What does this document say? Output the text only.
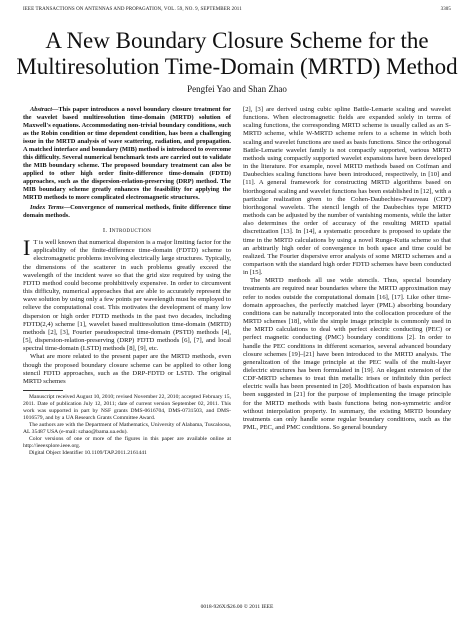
IEEE TRANSACTIONS ON ANTENNAS AND PROPAGATION, VOL. 59, NO. 9, SEPTEMBER 2011	3305
A New Boundary Closure Scheme for the Multiresolution Time-Domain (MRTD) Method
Pengfei Yao and Shan Zhao

Abstract—This paper introduces a novel boundary closure treatment for the wavelet based multiresolution time-domain (MRTD) solution of Maxwell's equations. Accommodating non-trivial boundary conditions, such as the Robin condition or time dependent condition, has been a challenging issue in the MRTD analysis of wave scattering, radiation, and propagation. A matched interface and boundary (MIB) method is introduced to overcome this difficulty. Several numerical benchmark tests are carried out to validate the MIB boundary scheme. The proposed boundary treatment can also be applied to other high order finite-difference time-domain (FDTD) approaches, such as the dispersion-relation-preserving (DRP) method. The MIB boundary scheme greatly enhances the feasibility for applying the MRTD methods to more complicated electromagnetic structures.

Index Terms—Convergence of numerical methods, finite difference time domain methods.

I. Introduction

I T is well known that numerical dispersion is a major limiting factor for the applicability of the finite-difference time-domain (FDTD) scheme to electromagnetic problems involving electrically large structures. Typically, the dimensions of the scatterer in such problems greatly exceed the wavelength of the incident wave so that the grid size required by using the FDTD method could become prohibitively expensive. In order to circumvent this difficulty, numerical approaches that are able to accurately represent the wave solution by using only a few points per wavelength must be employed to relieve the computational cost. This motivates the development of many low dispersion or high order FDTD methods in the past two decades, including FDTD(2,4) scheme [1], wavelet based multiresolution time-domain (MRTD) methods [2], [3], Fourier pseudospectral time-domain (PSTD) methods [4], [5], dispersion-relation-preserving (DRP) FDTD methods [6], [7], and local spectral time-domain (LSTD) methods [8], [9], etc.

What are more related to the present paper are the MRTD methods, even though the proposed boundary closure scheme can be applied to other long stencil FDTD approaches, such as the DRP-FDTD or LSTD. The original MRTD schemes

Manuscript received August 10, 2010; revised November 22, 2010; accepted February 15, 2011. Date of publication July 12, 2011; date of current version September 02, 2011. This work was supported in part by NSF grants DMS-0616704, DMS-0731503, and DMS-1016579, and by a UA Research Grants Committee Award.

The authors are with the Department of Mathematics, University of Alabama, Tuscaloosa, AL 35487 USA (e-mail: szhao@bama.ua.edu).

Color versions of one or more of the figures in this paper are available online at http://ieeexplore.ieee.org.

Digital Object Identifier 10.1109/TAP.2011.2161441

[2], [3] are derived using cubic spline Battle-Lemarie scaling and wavelet functions. When electromagnetic fields are expanded solely in terms of scaling functions, the corresponding MRTD scheme is usually called as an S-MRTD scheme, while W-MRTD scheme refers to a scheme in which both scaling and wavelet functions are used as basis functions. Since the orthogonal Battle-Lemarie wavelet family is not compactly supported, various MRTD methods using compactly supported wavelet expansions have been developed in the literature. For example, novel MRTD methods based on Coifman and Daubechies scaling functions have been introduced, respectively, in [10] and [11]. A general framework for constructing MRTD algorithms based on biorthogonal scaling and wavelet functions has been established in [12], with a particular realization given to the Cohen-Daubechies-Feauveau (CDF) biorthogonal wavelets. The stencil length of the Daubechies type MRTD methods can be adjusted by the number of vanishing moments, while the latter also determines the order of accuracy of the resulting MRTD spatial discretization [13]. In [14], a systematic procedure is proposed to update the time in the MRTD calculations by using a novel Runge-Kutta scheme so that an arbitrarily high order of convergence in both space and time could be realized. The Fourier dispersive error analysis of some MRTD schemes and a comparison with the standard high order FDTD schemes have been conducted in [15].

The MRTD methods all use wide stencils. Thus, special boundary treatments are required near boundaries where the MRTD approximation may refer to nodes outside the computational domain [16], [17]. Like other time-domain approaches, the perfectly matched layer (PML) absorbing boundary conditions can be naturally incorporated into the collocation procedure of the MRTD schemes [18], while the simple image principle is commonly used in the MRTD calculations to deal with perfect electric conducting (PEC) or perfect magnetic conducting (PMC) boundary conditions [2]. In order to handle the PEC conditions in different scenarios, several advanced boundary closure schemes [19]–[21] have been introduced to the MRTD analysis. The generalization of the image principle at the PEC walls of the multi-layer dielectric structures has been formulated in [19]. An elegant extension of the CDF-MRTD schemes to treat thin metallic irises or infinitely thin perfect electric walls has been presented in [20]. Modification of basis expansion has been suggested in [21] for the purpose of implementing the image principle for the MRTD methods with basis functions being non-symmetric and/or without interpolation property. In summary, the existing MRTD boundary treatments can only handle some regular boundary conditions, such as the PML, PEC, and PMC conditions. So general boundary

0018-926X/$26.00 © 2011 IEEE
